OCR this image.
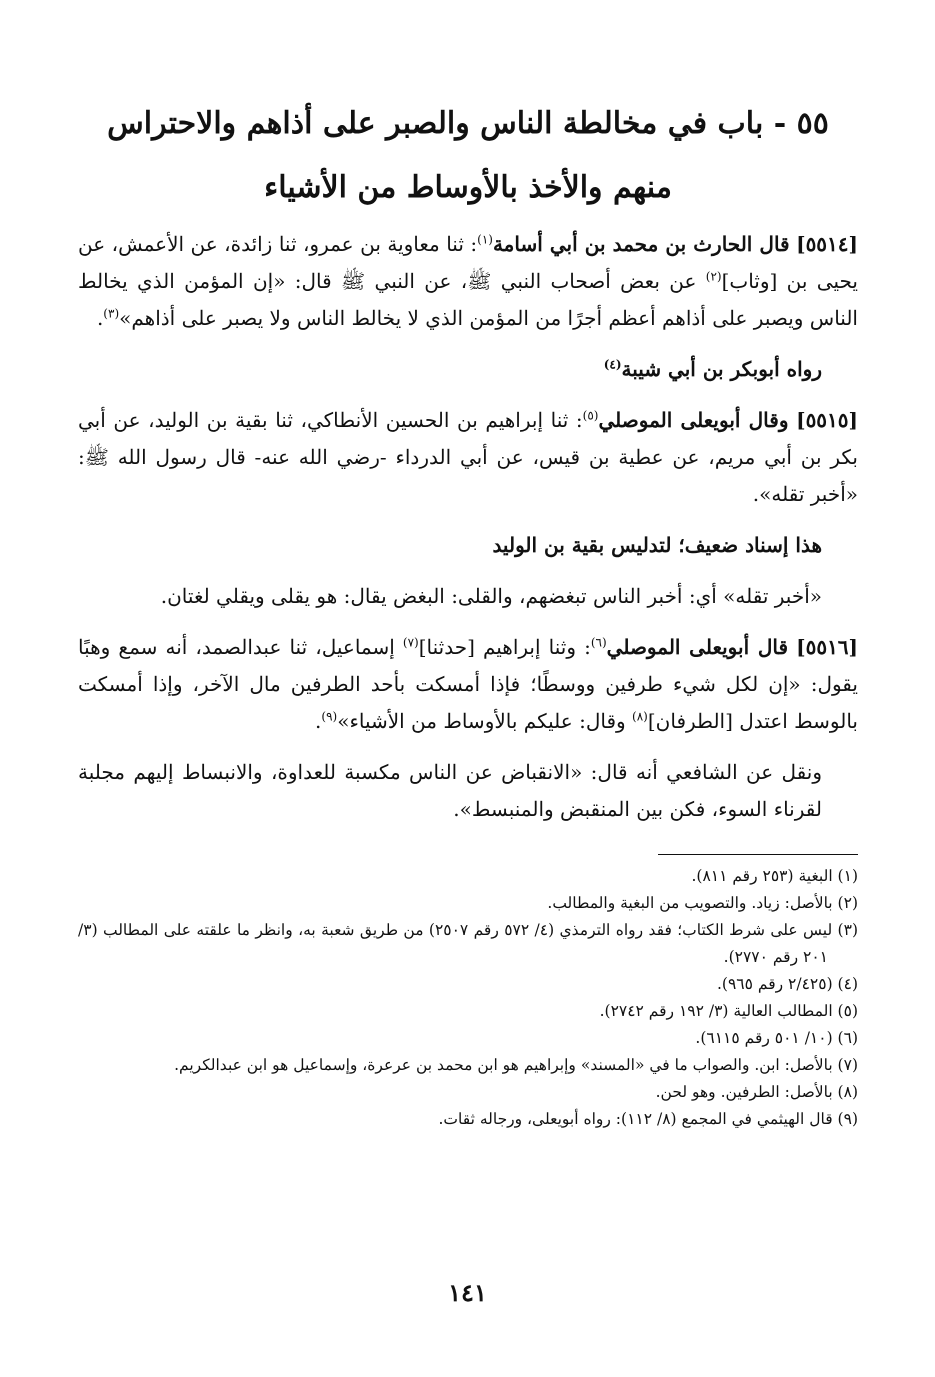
٥٥ - باب في مخالطة الناس والصبر على أذاهم والاحتراس
منهم والأخذ بالأوساط من الأشياء

[٥٥١٤] قال الحارث بن محمد بن أبي أسامة$^{(١)}$: ثنا معاوية بن عمرو، ثنا زائدة، عن الأعمش، عن يحيى بن [وثاب]$^{(٢)}$ عن بعض أصحاب النبي ﷺ، عن النبي ﷺ قال: «إن المؤمن الذي يخالط الناس ويصبر على أذاهم أعظم أجرًا من المؤمن الذي لا يخالط الناس ولا يصبر على أذاهم»$^{(٣)}$.

رواه أبوبكر بن أبي شيبة$^{(٤)}$

[٥٥١٥] وقال أبويعلى الموصلي$^{(٥)}$: ثنا إبراهيم بن الحسين الأنطاكي، ثنا بقية بن الوليد، عن أبي بكر بن أبي مريم، عن عطية بن قيس، عن أبي الدرداء -رضي الله عنه- قال رسول الله ﷺ: «أخبر تقله».

هذا إسناد ضعيف؛ لتدليس بقية بن الوليد

«أخبر تقله» أي: أخبر الناس تبغضهم، والقلى: البغض يقال: هو يقلى ويقلي لغتان.

[٥٥١٦] قال أبويعلى الموصلي$^{(٦)}$: وثنا إبراهيم [حدثنا]$^{(٧)}$ إسماعيل، ثنا عبدالصمد، أنه سمع وهبًا يقول: «إن لكل شيء طرفين ووسطًا؛ فإذا أمسكت بأحد الطرفين مال الآخر، وإذا أمسكت بالوسط اعتدل [الطرفان]$^{(٨)}$ وقال: عليكم بالأوساط من الأشياء»$^{(٩)}$.

ونقل عن الشافعي أنه قال: «الانقباض عن الناس مكسبة للعداوة، والانبساط إليهم مجلبة لقرناء السوء، فكن بين المنقبض والمنبسط».

(١) البغية (٢٥٣ رقم ٨١١).
(٢) بالأصل: زياد. والتصويب من البغية والمطالب.
(٣) ليس على شرط الكتاب؛ فقد رواه الترمذي (٤/ ٥٧٢ رقم ٢٥٠٧) من طريق شعبة به، وانظر ما علقته على المطالب (٣/ ٢٠١ رقم ٢٧٧٠).
(٤) (٢/٤٢٥ رقم ٩٦٥).
(٥) المطالب العالية (٣/ ١٩٢ رقم ٢٧٤٢).
(٦) (١٠/ ٥٠١ رقم ٦١١٥).
(٧) بالأصل: ابن. والصواب ما في «المسند» وإبراهيم هو ابن محمد بن عرعرة، وإسماعيل هو ابن عبدالكريم.
(٨) بالأصل: الطرفين. وهو لحن.
(٩) قال الهيثمي في المجمع (٨/ ١١٢): رواه أبويعلى، ورجاله ثقات.
١٤١
